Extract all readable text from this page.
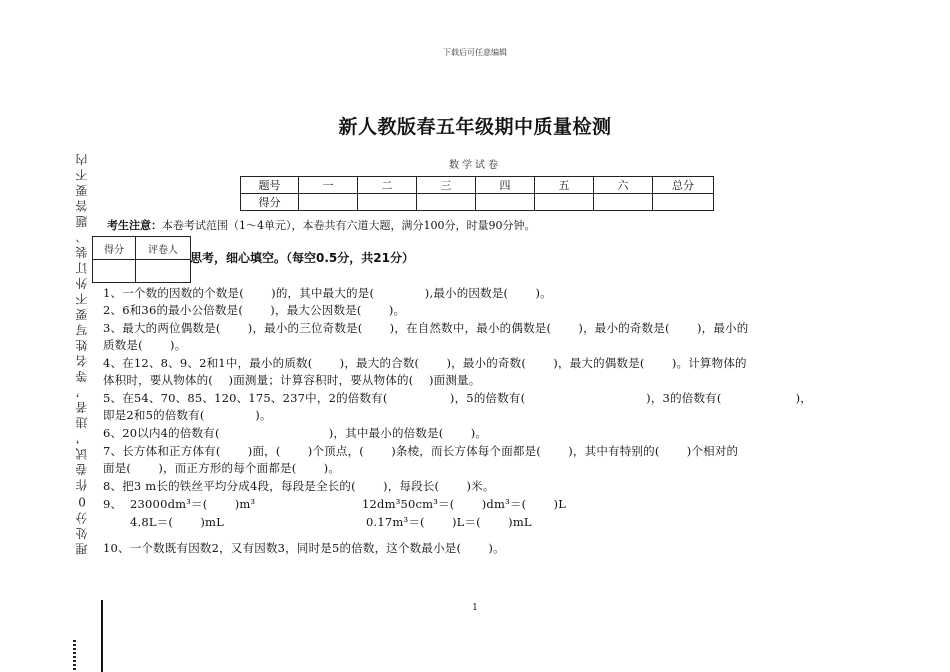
下载后可任意编辑
新人教版春五年级期中质量检测
数学试卷
题号	一	二	三	四	五	六	总分
得分							
考生注意：本卷考试范围（1～4单元），本卷共有六道大题，满分100分，时量90分钟。
得分	评卷人

思考，细心填空。（每空0.5分，共21分）
1、一个数的因数的个数是(　　 )的，其中最大的是(　　　　 ),最小的因数是(　　 )。
2、6和36的最小公倍数是(　　 )，最大公因数是(　　 )。
3、最大的两位偶数是(　　 )，最小的三位奇数是(　　 )，在自然数中，最小的偶数是(　　 )，最小的奇数是(　　 )，最小的
质数是(　　 )。
4、在12、8、9、2和1中，最小的质数(　　 )，最大的合数(　　 )，最小的奇数(　　 )，最大的偶数是(　　 )。计算物体的
体积时，要从物体的(　 )面测量；计算容积时，要从物体的(　 )面测量。
5、在54、70、85、120、175、237中，2的倍数有(　　　　　 )，5的倍数有(　　　　　　　　　　 )，3的倍数有(　　　　　　 )，
即是2和5的倍数有(　　　　 )。
6、20以内4的倍数有(　　　　　　　　　 )，其中最小的倍数是(　　 )。
7、长方体和正方体有(　　 )面，(　　 )个顶点，(　　 )条棱，而长方体每个面都是(　　 )，其中有特别的(　　 )个相对的
面是(　　 )，而正方形的每个面都是(　　 )。
8、把3 m长的铁丝平均分成4段，每段是全长的(　　 )，每段长(　　 )米。
9、 23000dm³＝(　　 )m³	12dm³50cm³＝(　　 )dm³＝(　　 )L
4.8L＝(　　 )mL	0.17m³＝(　　 )L＝(　　 )mL
10、一个数既有因数2，又有因数3，同时是5的倍数，这个数最小是(　　 )。
理处分0作卷试，违者，等名姓写要不外订装、题答要不内
1
